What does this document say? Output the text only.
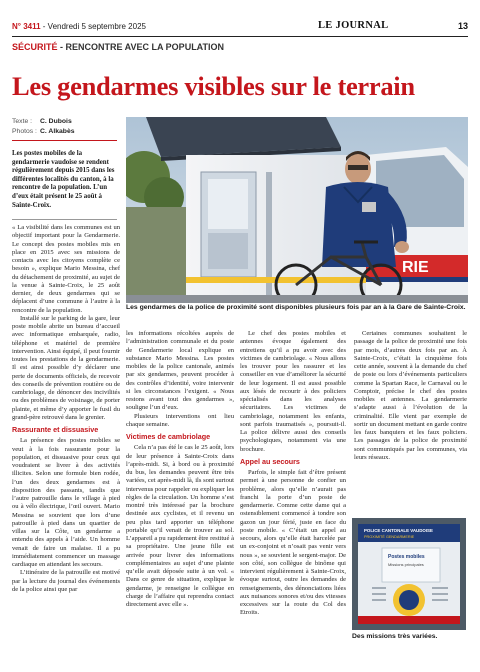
N° 3411 - Vendredi 5 septembre 2025	LE JOURNAL	13
SÉCURITÉ - RENCONTRE AVEC LA POPULATION
Les gendarmes visibles sur le terrain
Texte : C. Dubois
Photos : C. Alkabès
Les postes mobiles de la gendarmerie vaudoise se rendent régulièrement depuis 2015 dans les différentes localités du canton, à la rencontre de la population. L’un d’eux était présent le 25 août à Sainte-Croix.

« La visibilité dans les communes est un objectif important pour la Gendarmerie. Le concept des postes mobiles mis en place en 2015 avec ses missions de contacts avec les citoyens complète ce besoin », explique Mario Messina, chef du détachement de proximité, au sujet de la venue à Sainte-Croix, le 25 août dernier, de deux gendarmes qui se déplacent d’une commune à l’autre à la rencontre de la population.

Installé sur le parking de la gare, leur poste mobile abrite un bureau d’accueil avec informatique embarquée, radio, téléphone et matériel de première intervention. Ainsi équipé, il peut fournir toutes les prestations de la gendarmerie. Il est ainsi possible d’y déclarer une perte de documents officiels, de recevoir des conseils de prévention routière ou de cambriolage, de dénoncer des incivilités ou des problèmes de voisinage, de porter plainte, et même d’y apporter le fusil du grand-père retrouvé dans le grenier.

Rassurante et dissuasive

La présence des postes mobiles se veut à la fois rassurante pour la population, et dissuasive pour ceux qui voudraient se livrer à des activités illicites. Selon une formule bien rodée, l’un des deux gendarmes est à disposition des passants, tandis que l’autre patrouille dans le village à pied ou à vélo électrique, l’œil ouvert. Mario Messina se souvient que lors d’une patrouille à pied dans un quartier de villas sur la Côte, un gendarme a entendu des appels à l’aide. Un homme venait de faire un malaise. Il a pu immédiatement commencer un massage cardiaque en attendant les secours.

L’itinéraire de la patrouille est motivé par la lecture du journal des événements de la police ainsi que par

RIE
Les gendarmes de la police de proximité sont disponibles plusieurs fois par an à la Gare de Sainte-Croix.

les informations récoltées auprès de l’administration communale et du poste de Gendarmerie local explique en substance Mario Messina. Les postes mobiles de la police cantonale, animés par six gendarmes, peuvent procéder à des contrôles d’identité, voire intervenir si les circonstances l’exigent. « Nous restons avant tout des gendarmes », souligne l’un d’eux.

Plusieurs interventions ont lieu chaque semaine.

Victimes de cambriolage

Cela n’a pas été le cas le 25 août, lors de leur présence à Sainte-Croix dans l’après-midi. Si, à bord ou à proximité du bus, les demandes peuvent être très variées, cet après-midi là, ils sont surtout intervenus pour rappeler ou expliquer les règles de la circulation. Un homme s’est montré très intéressé par la brochure destinée aux cyclistes, et il revenu un peu plus tard apporter un téléphone portable qu’il venait de trouver au sol. L’appareil a pu rapidement être restitué à sa propriétaire. Une jeune fille est arrivée pour livrer des informations complémentaires au sujet d’une plainte qu’elle avait déposée suite à un vol. « Dans ce genre de situation, explique le gendarme, je renseigne le collègue en charge de l’affaire qui reprendra contact directement avec elle ».

Le chef des postes mobiles et antennes évoque également des entretiens qu’il a pu avoir avec des victimes de cambriolage. « Nous allons les trouver pour les rassurer et les conseiller en vue d’améliorer la sécurité de leur logement. Il est aussi possible aux lésés de recourir à des policiers spécialisés dans les analyses sécuritaires. Les victimes de cambriolage, notamment les enfants, sont parfois traumatisés », poursuit-il. La police délivre aussi des conseils psychologiques, notamment via une brochure.

Appel au secours

Parfois, le simple fait d’être présent permet à une personne de confier un problème, alors qu’elle n’aurait pas franchi la porte d’un poste de gendarmerie. Comme cette dame qui a ostensiblement commencé à tondre son gazon un jour férié, juste en face du poste mobile. « C’était un appel au secours, alors qu’elle était harcelée par un ex-conjoint et n’osait pas venir vers nous », se souvient le sergent-major. De son côté, son collègue de binôme qui intervient régulièrement à Sainte-Croix, évoque surtout, outre les demandes de renseignements, des dénonciations liées aux nuisances sonores et/ou des vitesses excessives sur la route du Col des Etroits.

Certaines communes souhaitent le passage de la police de proximité une fois par mois, d’autres deux fois par an. À Sainte-Croix, c’était la cinquième fois cette année, souvent à la demande du chef de poste ou lors d’événements particuliers comme la Spartan Race, le Carnaval ou le Comptoir, précise le chef des postes mobiles et antennes. La gendarmerie s’adapte aussi à l’évolution de la criminalité. Elle vient par exemple de sortir un document mettant en garde contre les faux banquiers et les faux policiers. Les passages de la police de proximité sont communiqués par les communes, via leurs réseaux.

POLICE CANTONALE VAUDOISE
PROXIMITÉ GENDARMERIE
Postes mobiles
Missions principales
Des missions très variées.
